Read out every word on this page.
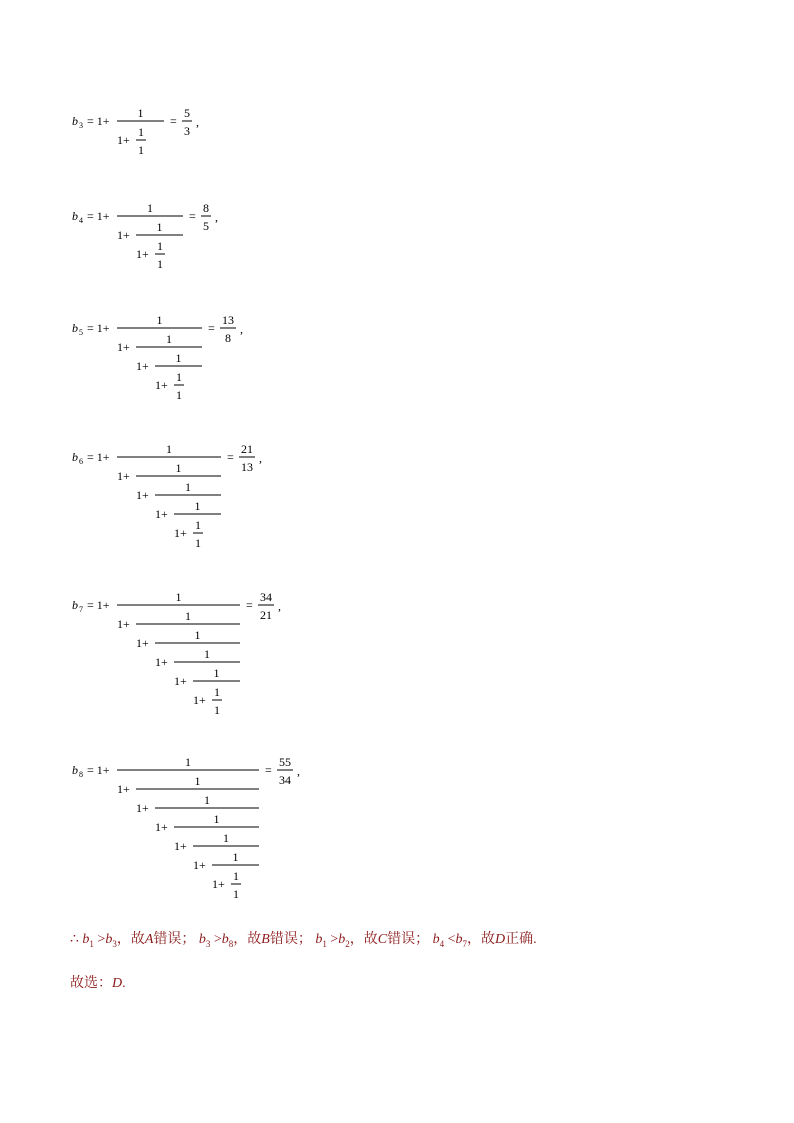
b 3 = 1+
1
1
1+
1
=
5
3
,
b 4 = 1+
1
1
1+
1
1+
1
=
8
5
,
b 5 = 1+
1
1
1+
1
1+
1
1+
1
=
13
8
,
b 6 = 1+
1
1
1+
1
1+
1
1+
1
1+
1
=
21
13
,
b 7 = 1+
1
1
1+
1
1+
1
1+
1
1+
1
1+
1
=
34
21
,
b 8 = 1+
1
1
1+
1
1+
1
1+
1
1+
1
1+
1
1+
1
=
55
34
,
∴ $b_1 >b_3$，故A错误； $b_3 >b_8$，故B错误； $b_1 >b_2$，故C错误； $b_4 <b_7$，故D正确.
故选：D.
